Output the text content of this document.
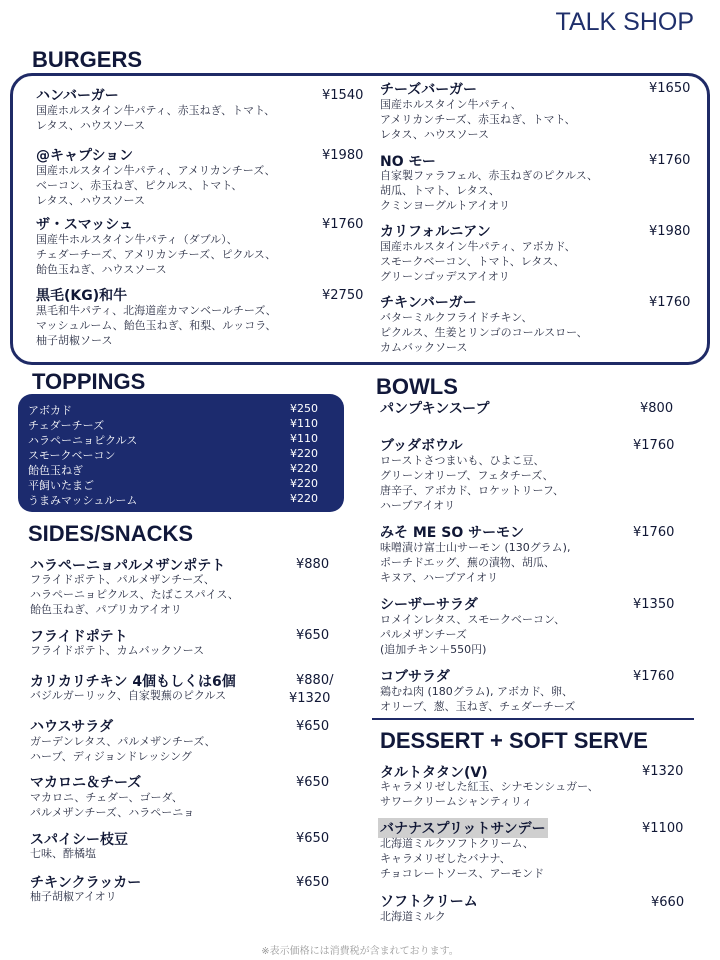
TALK SHOP
BURGERS
ハンバーガー	¥1540
国産ホルスタイン牛パティ、赤玉ねぎ、トマト、
レタス、ハウスソース
@キャプション	¥1980
国産ホルスタイン牛パティ、アメリカンチーズ、
ベーコン、赤玉ねぎ、ピクルス、トマト、
レタス、ハウスソース
ザ・スマッシュ	¥1760
国産牛ホルスタイン牛パティ（ダブル）、
チェダーチーズ、アメリカンチーズ、ピクルス、
飴色玉ねぎ、ハウスソース
黒毛(KG)和牛	¥2750
黒毛和牛パティ、北海道産カマンベールチーズ、
マッシュルーム、飴色玉ねぎ、和梨、ルッコラ、
柚子胡椒ソース
チーズバーガー	¥1650
国産ホルスタイン牛パティ、
アメリカンチーズ、赤玉ねぎ、トマト、
レタス、ハウスソース
NO モー	¥1760
自家製ファラフェル、赤玉ねぎのピクルス、
胡瓜、トマト、レタス、
クミンヨーグルトアイオリ
カリフォルニアン	¥1980
国産ホルスタイン牛パティ、アボカド、
スモークベーコン、トマト、レタス、
グリーンゴッデスアイオリ
チキンバーガー	¥1760
バターミルクフライドチキン、
ピクルス、生姜とリンゴのコールスロー、
カムバックソース
TOPPINGS
アボカド	¥250
チェダーチーズ	¥110
ハラペーニョピクルス	¥110
スモークベーコン	¥220
飴色玉ねぎ	¥220
平飼いたまご	¥220
うまみマッシュルーム	¥220
SIDES/SNACKS
ハラペーニョパルメザンポテト	¥880
フライドポテト、パルメザンチーズ、
ハラペーニョピクルス、たばこスパイス、
飴色玉ねぎ、パプリカアイオリ
フライドポテト	¥650
フライドポテト、カムバックソース
カリカリチキン 4個もしくは6個	¥880/
¥1320
バジルガーリック、自家製蕪のピクルス
ハウスサラダ	¥650
ガーデンレタス、パルメザンチーズ、
ハーブ、ディジョンドレッシング
マカロニ＆チーズ	¥650
マカロニ、チェダー、ゴーダ、
パルメザンチーズ、ハラペーニョ
スパイシー枝豆	¥650
七味、酢橘塩
チキンクラッカー	¥650
柚子胡椒アイオリ
BOWLS
パンプキンスープ	¥800
ブッダボウル	¥1760
ローストさつまいも、ひよこ豆、
グリーンオリーブ、フェタチーズ、
唐辛子、アボカド、ロケットリーフ、
ハーブアイオリ
みそ ME SO サーモン	¥1760
味噌漬け富士山サーモン (130グラム),
ポーチドエッグ、蕪の漬物、胡瓜、
キヌア、ハーブアイオリ
シーザーサラダ	¥1350
ロメインレタス、スモークベーコン、
パルメザンチーズ
(追加チキン＋550円)
コブサラダ	¥1760
鶏むね肉 (180グラム), アボカド、卵、
オリーブ、葱、玉ねぎ、チェダーチーズ
DESSERT + SOFT SERVE
タルトタタン(V)	¥1320
キャラメリゼした紅玉、シナモンシュガー、
サワークリームシャンティリィ
バナナスプリットサンデー	¥1100
北海道ミルクソフトクリーム、
キャラメリゼしたバナナ、
チョコレートソース、アーモンド
ソフトクリーム	¥660
北海道ミルク
※表示価格には消費税が含まれております。
